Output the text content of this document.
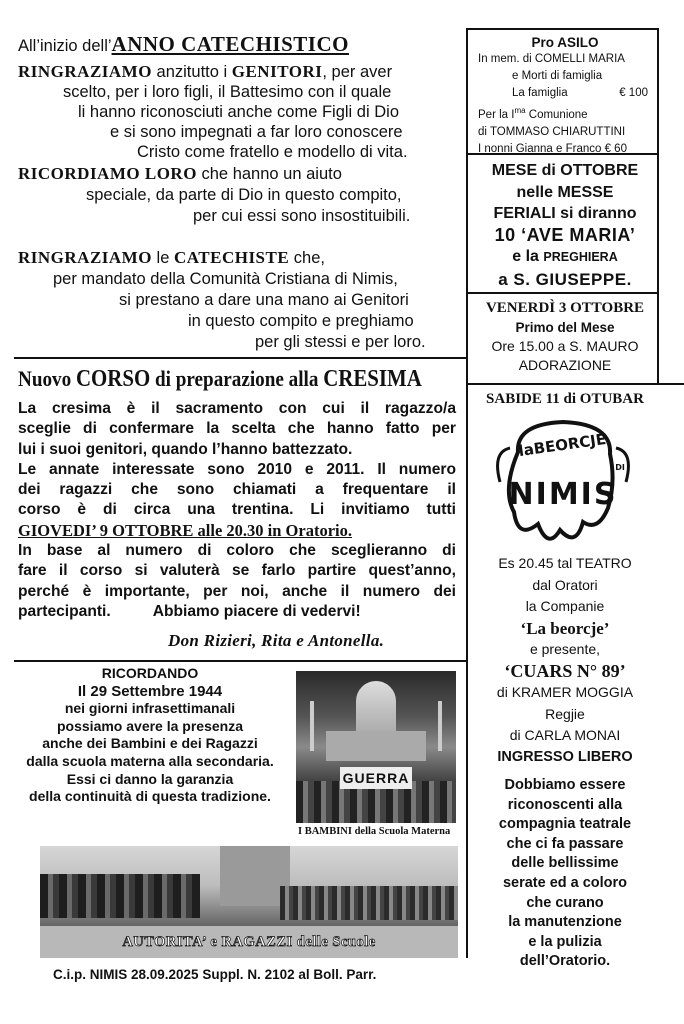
All’inizio dell’ANNO CATECHISTICO
RINGRAZIAMO anzitutto i GENITORI, per aver
scelto, per i loro figli, il Battesimo con il quale
li hanno riconosciuti anche come Figli di Dio
e si sono impegnati a far loro conoscere
Cristo come fratello e modello di vita.
RICORDIAMO LORO che hanno un aiuto
speciale, da parte di Dio in questo compito,
per cui essi sono insostituibili.
RINGRAZIAMO le CATECHISTE che,
per mandato della Comunità Cristiana di Nimis,
si prestano a dare una mano ai Genitori
in questo compito e preghiamo
per gli stessi e per loro.
Nuovo CORSO di preparazione alla CRESIMA
La cresima è il sacramento con cui il ragazzo/a
sceglie di confermare la scelta che hanno fatto per
lui i suoi genitori, quando l’hanno battezzato.
Le annate interessate sono 2010 e 2011. Il numero
dei ragazzi che sono chiamati a frequentare il
corso è di circa una trentina. Li invitiamo tutti
GIOVEDI’ 9 OTTOBRE alle 20.30 in Oratorio.
In base al numero di coloro che sceglieranno di
fare il corso si valuterà se farlo partire quest’anno,
perché è importante, per noi, anche il numero dei
partecipanti.	Abbiamo piacere di vedervi!
Don Rizieri, Rita e Antonella.
RICORDANDO
Il 29 Settembre 1944
nei giorni infrasettimanali
possiamo avere la presenza
anche dei Bambini e dei Ragazzi
dalla scuola materna alla secondaria.
Essi ci danno la garanzia
della continuità di questa tradizione.
GUERRA
I BAMBINI della Scuola Materna
AUTORITA’ e RAGAZZI delle Scuole
C.i.p. NIMIS 28.09.2025 Suppl. N. 2102 al Boll. Parr.
Pro ASILO
In mem. di COMELLI MARIA
e Morti di famiglia
La famiglia	€ 100
Per la $I^{ma}$ Comunione
di TOMMASO CHIARUTTINI
I nonni Gianna e Franco € 60
MESE di OTTOBRE
nelle MESSE
FERIALI si diranno
10 ‘AVE MARIA’
e la PREGHIERA
a S. GIUSEPPE.
VENERDÌ 3 OTTOBRE
Primo del Mese
Ore 15.00 a S. MAURO
ADORAZIONE
SABIDE 11 di OTUBAR
laBEORCJE
DI
NIMIS
Es 20.45 tal TEATRO
dal Oratori
la Companie
‘La beorcje’
e presente,
‘CUARS N° 89’
di KRAMER MOGGIA
Regjie
di CARLA MONAI
INGRESSO LIBERO
Dobbiamo essere
riconoscenti alla
compagnia teatrale
che ci fa passare
delle bellissime
serate ed a coloro
che curano
la manutenzione
e la pulizia
dell’Oratorio.
